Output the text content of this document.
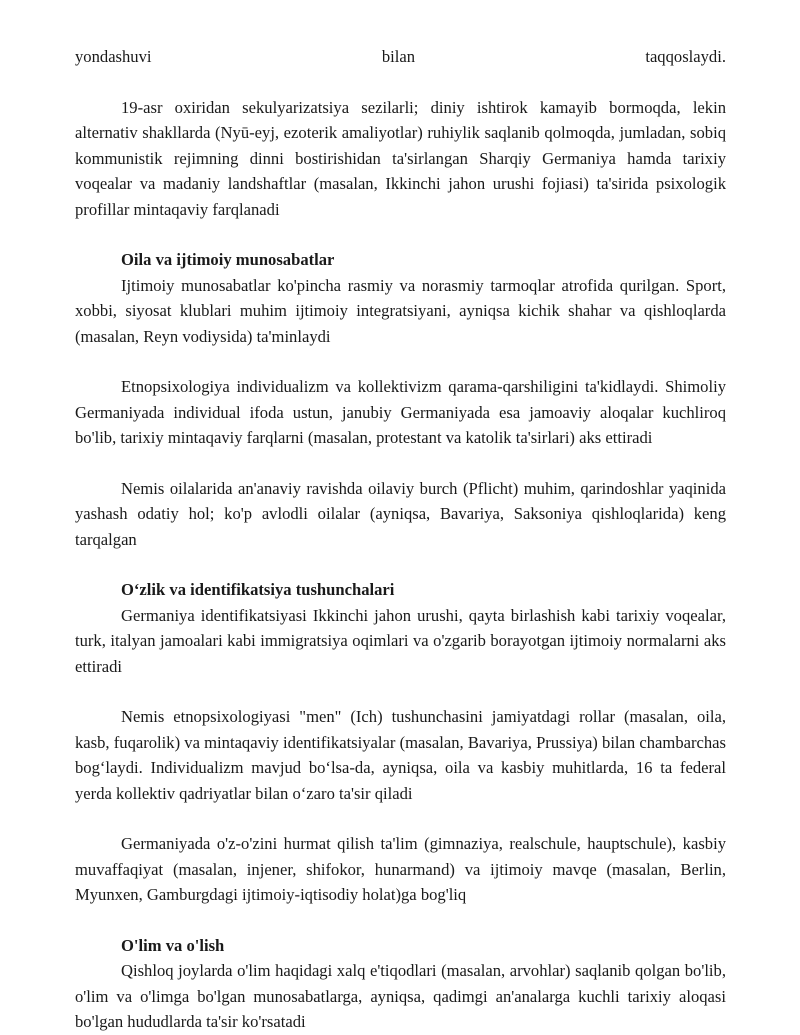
yondashuvi	bilan	taqqoslaydi.

19-asr oxiridan sekulyarizatsiya sezilarli; diniy ishtirok kamayib bormoqda, lekin alternativ shakllarda (Nyū-eyj, ezoterik amaliyotlar) ruhiylik saqlanib qolmoqda, jumladan, sobiq kommunistik rejimning dinni bostirishidan ta'sirlangan Sharqiy Germaniya hamda tarixiy voqealar va madaniy landshaftlar (masalan, Ikkinchi jahon urushi fojiasi) ta'sirida psixologik profillar mintaqaviy farqlanadi

Oila va ijtimoiy munosabatlar

Ijtimoiy munosabatlar ko'pincha rasmiy va norasmiy tarmoqlar atrofida qurilgan. Sport, xobbi, siyosat klublari muhim ijtimoiy integratsiyani, ayniqsa kichik shahar va qishloqlarda (masalan, Reyn vodiysida) ta'minlaydi

Etnopsixologiya individualizm va kollektivizm qarama-qarshiligini ta'kidlaydi. Shimoliy Germaniyada individual ifoda ustun, janubiy Germaniyada esa jamoaviy aloqalar kuchliroq bo'lib, tarixiy mintaqaviy farqlarni (masalan, protestant va katolik ta'sirlari) aks ettiradi

Nemis oilalarida an'anaviy ravishda oilaviy burch (Pflicht) muhim, qarindoshlar yaqinida yashash odatiy hol; ko'p avlodli oilalar (ayniqsa, Bavariya, Saksoniya qishloqlarida) keng tarqalgan

O‘zlik va identifikatsiya tushunchalari

Germaniya identifikatsiyasi Ikkinchi jahon urushi, qayta birlashish kabi tarixiy voqealar, turk, italyan jamoalari kabi immigratsiya oqimlari va o'zgarib borayotgan ijtimoiy normalarni aks ettiradi

Nemis etnopsixologiyasi "men" (Ich) tushunchasini jamiyatdagi rollar (masalan, oila, kasb, fuqarolik) va mintaqaviy identifikatsiyalar (masalan, Bavariya, Prussiya) bilan chambarchas bog‘laydi. Individualizm mavjud bo‘lsa-da, ayniqsa, oila va kasbiy muhitlarda, 16 ta federal yerda kollektiv qadriyatlar bilan o‘zaro ta'sir qiladi

Germaniyada o'z-o'zini hurmat qilish ta'lim (gimnaziya, realschule, hauptschule), kasbiy muvaffaqiyat (masalan, injener, shifokor, hunarmand) va ijtimoiy mavqe (masalan, Berlin, Myunxen, Gamburgdagi ijtimoiy-iqtisodiy holat)ga bog'liq

O'lim va o'lish

Qishloq joylarda o'lim haqidagi xalq e'tiqodlari (masalan, arvohlar) saqlanib qolgan bo'lib, o'lim va o'limga bo'lgan munosabatlarga, ayniqsa, qadimgi an'analarga kuchli tarixiy aloqasi bo'lgan hududlarda ta'sir ko'rsatadi
